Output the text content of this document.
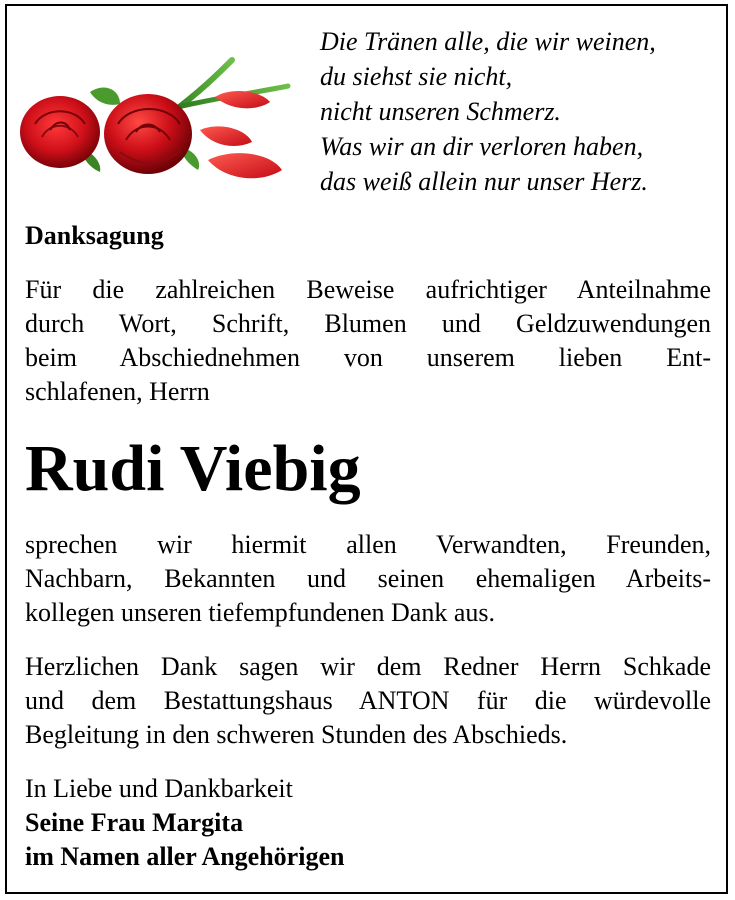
Die Tränen alle, die wir weinen,
du siehst sie nicht,
nicht unseren Schmerz.
Was wir an dir verloren haben,
das weiß allein nur unser Herz.
Danksagung
Für die zahlreichen Beweise aufrichtiger Anteilnahme
durch Wort, Schrift, Blumen und Geldzuwendungen
beim Abschiednehmen von unserem lieben Ent-
schlafenen, Herrn
Rudi Viebig
sprechen wir hiermit allen Verwandten, Freunden,
Nachbarn, Bekannten und seinen ehemaligen Arbeits-
kollegen unseren tiefempfundenen Dank aus.
Herzlichen Dank sagen wir dem Redner Herrn Schkade
und dem Bestattungshaus ANTON für die würdevolle
Begleitung in den schweren Stunden des Abschieds.
In Liebe und Dankbarkeit
Seine Frau Margita
im Namen aller Angehörigen
